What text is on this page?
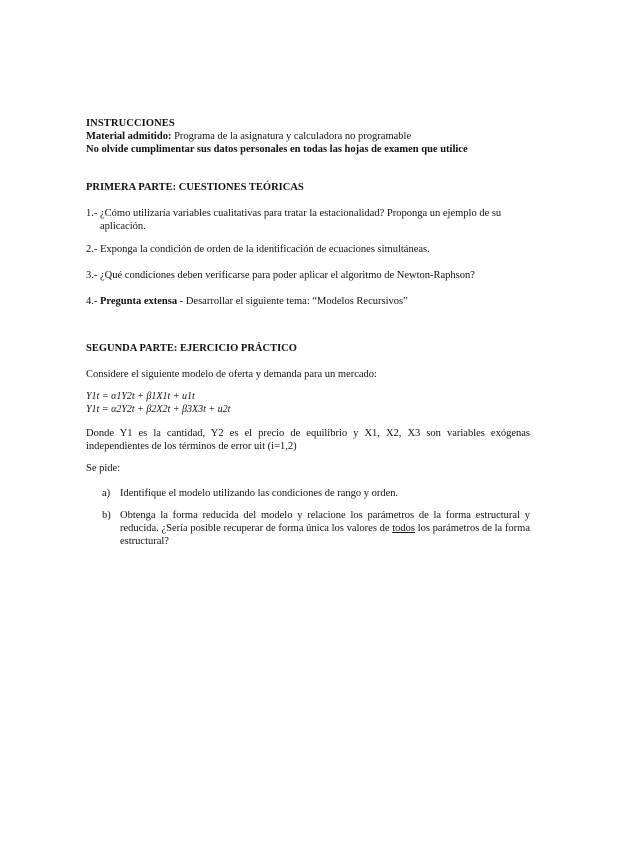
INSTRUCCIONES
Material admitido: Programa de la asignatura y calculadora no programable
No olvide cumplimentar sus datos personales en todas las hojas de examen que utilice
PRIMERA PARTE: CUESTIONES TEÓRICAS
1.- ¿Cómo utilizaría variables cualitativas para tratar la estacionalidad? Proponga un ejemplo de su
aplicación.
2.- Exponga la condición de orden de la identificación de ecuaciones simultáneas.
3.- ¿Qué condiciones deben verificarse para poder aplicar el algoritmo de Newton-Raphson?
4.- Pregunta extensa - Desarrollar el siguiente tema: “Modelos Recursivos”
SEGUNDA PARTE: EJERCICIO PRÁCTICO
Considere el siguiente modelo de oferta y demanda para un mercado:
Y1t = α1Y2t + β1X1t + u1t
Y1t = α2Y2t + β2X2t + β3X3t + u2t
Donde Y1 es la cantidad, Y2 es el precio de equilibrio y X1, X2, X3 son variables exógenas independientes de los términos de error uit (i=1,2)
Se pide:
a) Identifique el modelo utilizando las condiciones de rango y orden.
b) Obtenga la forma reducida del modelo y relacione los parámetros de la forma estructural y reducida. ¿Sería posible recuperar de forma única los valores de todos los parámetros de la forma estructural?
